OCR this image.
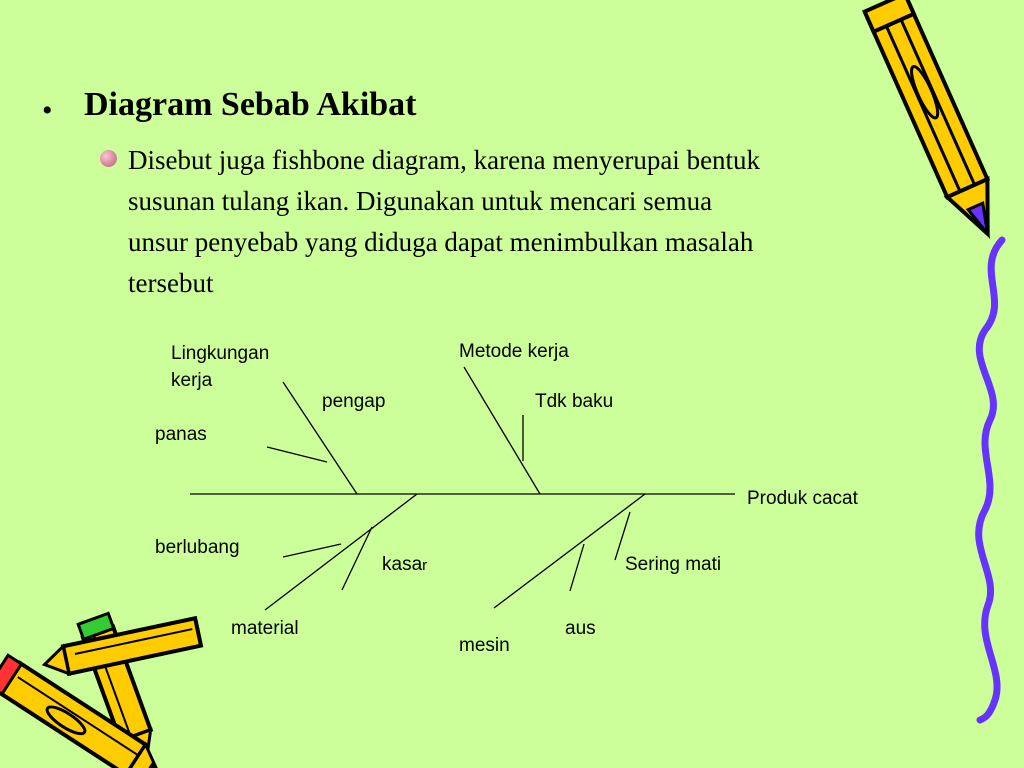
• Diagram Sebab Akibat
Disebut juga fishbone diagram, karena menyerupai bentuk
susunan tulang ikan. Digunakan untuk mencari semua
unsur penyebab yang diduga dapat menimbulkan masalah
tersebut
Lingkungan
kerja
Metode kerja
pengap	Tdk baku
panas
Produk cacat
berlubang
kasar	Sering mati
material	aus
mesin
